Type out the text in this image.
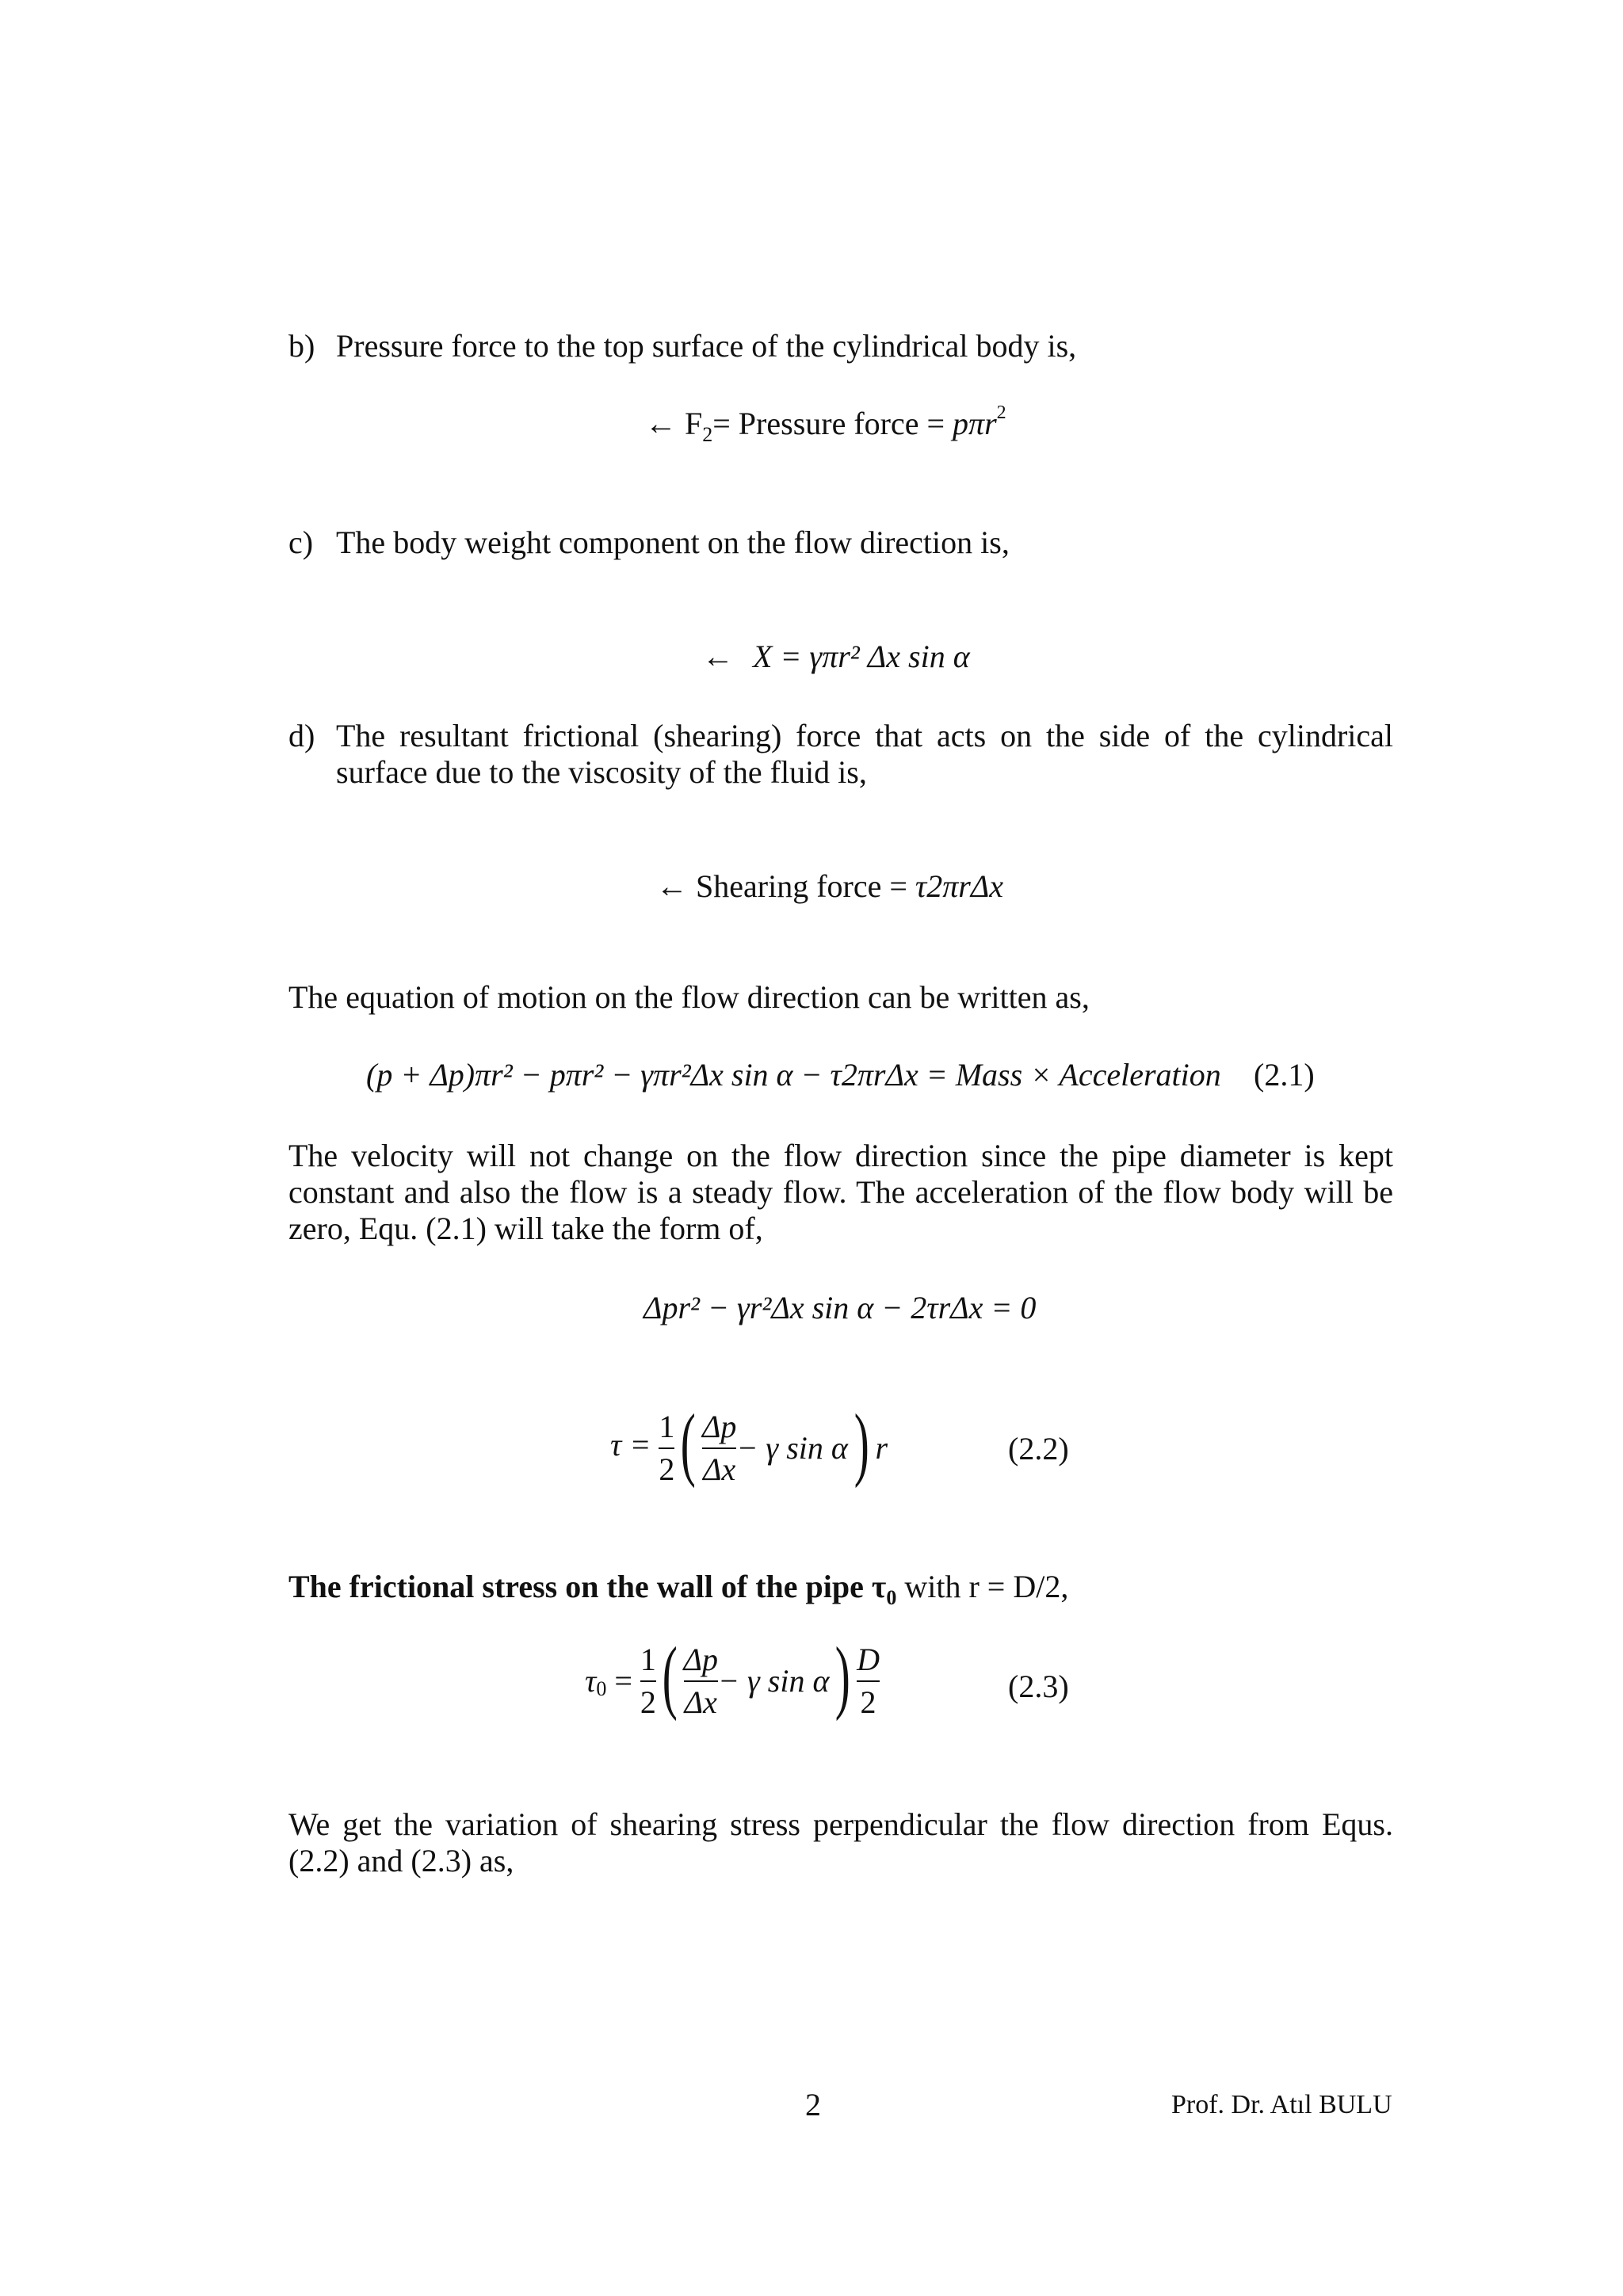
b) Pressure force to the top surface of the cylindrical body is,
← $F_2=$ Pressure force = pπr$^2$
c) The body weight component on the flow direction is,
← X = γπr² Δx sin α
d) The resultant frictional (shearing) force that acts on the side of the cylindrical surface due to the viscosity of the fluid is,
← Shearing force = τ2πrΔx
The equation of motion on the flow direction can be written as,
(p + Δp)πr² − pπr² − γπr²Δx sin α − τ2πrΔx = Mass × Acceleration (2.1)
The velocity will not change on the flow direction since the pipe diameter is kept constant and also the flow is a steady flow. The acceleration of the flow body will be zero, Equ. (2.1) will take the form of,
Δpr² − γr²Δx sin α − 2τrΔx = 0
$\tau = \frac{1}{2}$ ( $\frac{\Delta p}{\Delta x} - \gamma$ sin α) r	(2.2)
The frictional stress on the wall of the pipe $\tau_0$ with r = D/2,
$\tau_0 = \frac{1}{2}$ ( $\frac{\Delta p}{\Delta x} - \gamma$ $\sin \alpha) \frac{D}{2}$	(2.3)
We get the variation of shearing stress perpendicular the flow direction from Equs. (2.2) and (2.3) as,
2	Prof. Dr. Atıl BULU
